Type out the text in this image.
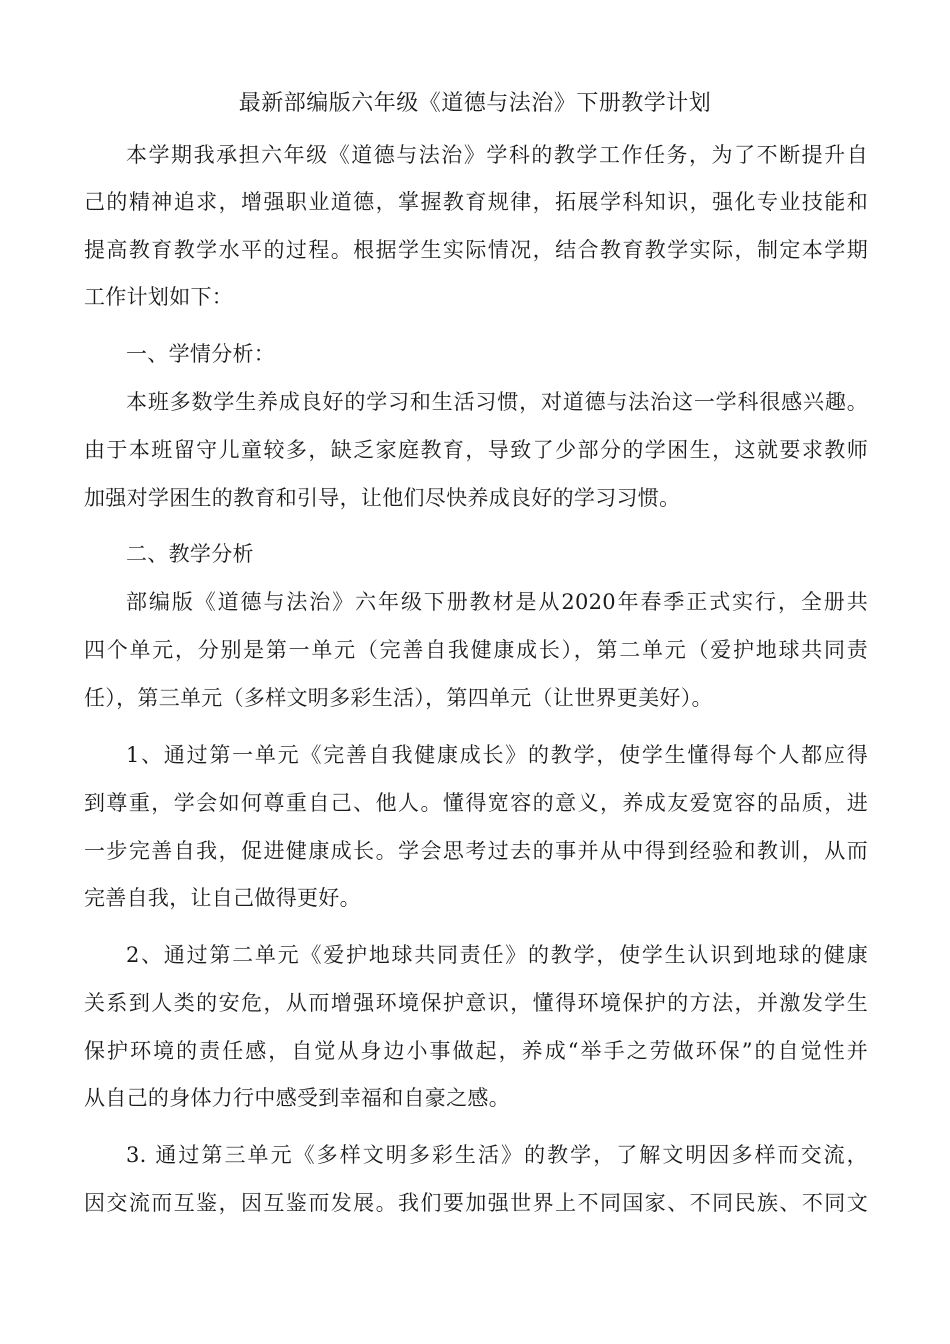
最新部编版六年级《道德与法治》下册教学计划
本学期我承担六年级《道德与法治》学科的教学工作任务，为了不断提升自
己的精神追求，增强职业道德，掌握教育规律，拓展学科知识，强化专业技能和
提高教育教学水平的过程。根据学生实际情况，结合教育教学实际，制定本学期
工作计划如下：
一、学情分析：
本班多数学生养成良好的学习和生活习惯，对道德与法治这一学科很感兴趣。
由于本班留守儿童较多，缺乏家庭教育，导致了少部分的学困生，这就要求教师
加强对学困生的教育和引导，让他们尽快养成良好的学习习惯。
二、教学分析
部编版《道德与法治》六年级下册教材是从2020年春季正式实行，全册共
四个单元，分别是第一单元（完善自我健康成长），第二单元（爱护地球共同责
任），第三单元（多样文明多彩生活），第四单元（让世界更美好）。
1、通过第一单元《完善自我健康成长》的教学，使学生懂得每个人都应得
到尊重，学会如何尊重自己、他人。懂得宽容的意义，养成友爱宽容的品质，进
一步完善自我，促进健康成长。学会思考过去的事并从中得到经验和教训，从而
完善自我，让自己做得更好。
2、通过第二单元《爱护地球共同责任》的教学，使学生认识到地球的健康
关系到人类的安危，从而增强环境保护意识，懂得环境保护的方法，并激发学生
保护环境的责任感，自觉从身边小事做起，养成“举手之劳做环保”的自觉性并
从自己的身体力行中感受到幸福和自豪之感。
3. 通过第三单元《多样文明多彩生活》的教学，了解文明因多样而交流，
因交流而互鉴，因互鉴而发展。我们要加强世界上不同国家、不同民族、不同文
